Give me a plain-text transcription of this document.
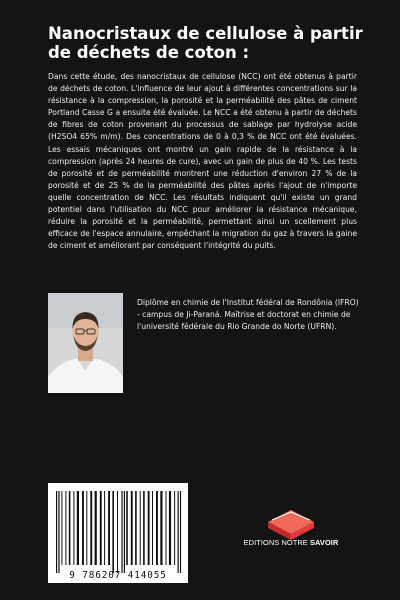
Nanocristaux de cellulose à partir de déchets de coton :

Dans cette étude, des nanocristaux de cellulose (NCC) ont été obtenus à partir de déchets de coton. L'influence de leur ajout à différentes concentrations sur la résistance à la compression, la porosité et la perméabilité des pâtes de ciment Portland Casse G a ensuite été évaluée. Le NCC a été obtenu à partir de déchets de fibres de coton provenant du processus de sablage par hydrolyse acide (H2SO4 65% m/m). Des concentrations de 0 à 0,3 % de NCC ont été évaluées. Les essais mécaniques ont montré un gain rapide de la résistance à la compression (après 24 heures de cure), avec un gain de plus de 40 %. Les tests de porosité et de perméabilité montrent une réduction d'environ 27 % de la porosité et de 25 % de la perméabilité des pâtes après l'ajout de n'importe quelle concentration de NCC. Les résultats indiquent qu'il existe un grand potentiel dans l'utilisation du NCC pour améliorer la résistance mécanique, réduire la porosité et la perméabilité, permettant ainsi un scellement plus efficace de l'espace annulaire, empêchant la migration du gaz à travers la gaine de ciment et améliorant par conséquent l'intégrité du puits.

Diplôme en chimie de l'Institut fédéral de Rondônia (IFRO) - campus de Ji-Paraná. Maîtrise et doctorat en chimie de l'université fédérale du Rio Grande do Norte (UFRN).

9 786207 414055
EDITIONS NOTRE SAVOIR
